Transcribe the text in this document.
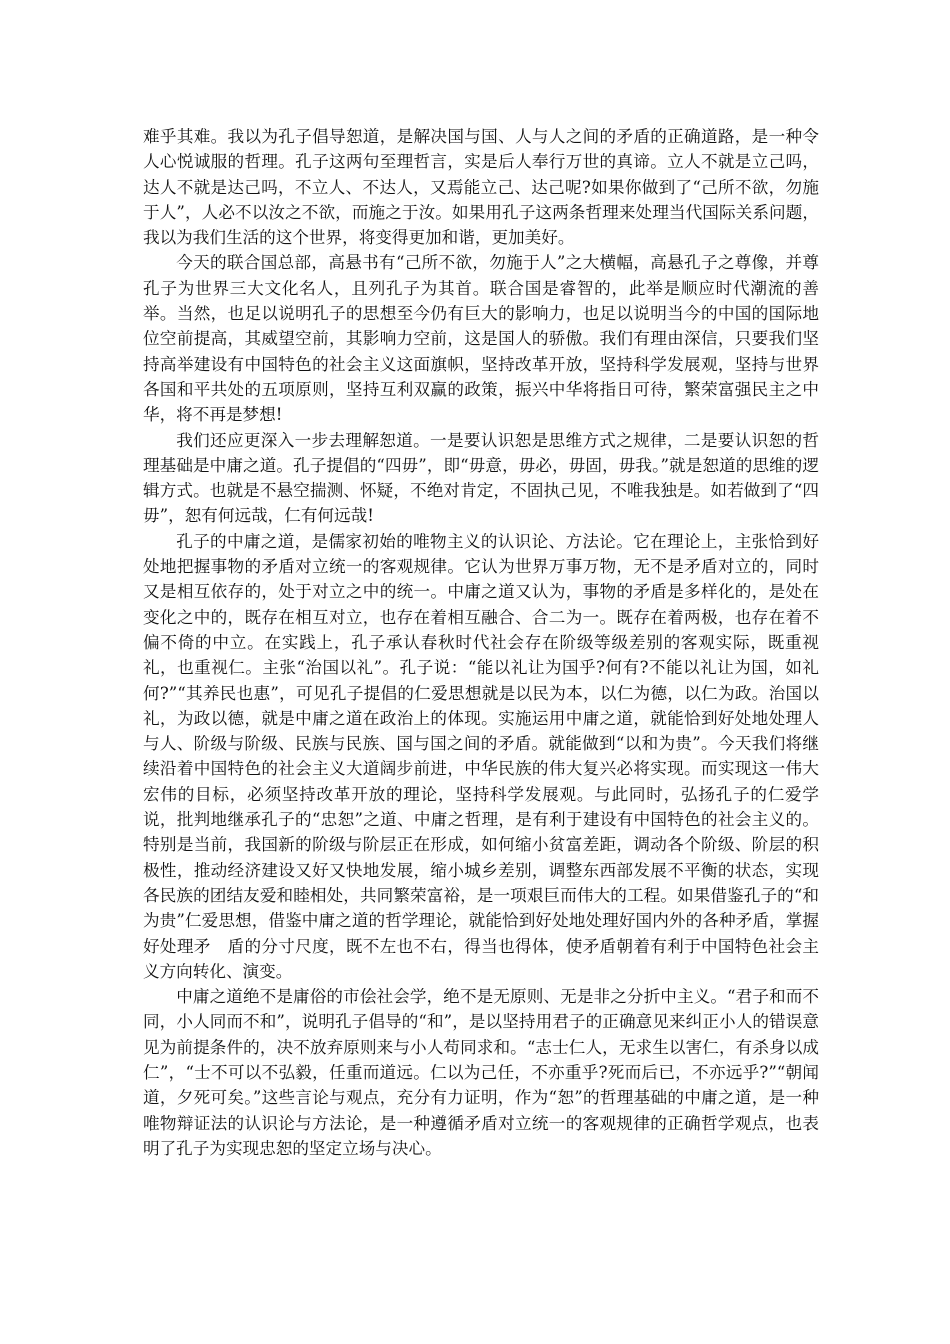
难乎其难。我以为孔子倡导恕道，是解决国与国、人与人之间的矛盾的正确道路，是一种令人心悦诚服的哲理。孔子这两句至理哲言，实是后人奉行万世的真谛。立人不就是立己吗，达人不就是达己吗，不立人、不达人，又焉能立己、达己呢?如果你做到了“己所不欲，勿施于人”，人必不以汝之不欲，而施之于汝。如果用孔子这两条哲理来处理当代国际关系问题，我以为我们生活的这个世界，将变得更加和谐，更加美好。

今天的联合国总部，高悬书有“己所不欲，勿施于人”之大横幅，高悬孔子之尊像，并尊孔子为世界三大文化名人，且列孔子为其首。联合国是睿智的，此举是顺应时代潮流的善举。当然，也足以说明孔子的思想至今仍有巨大的影响力，也足以说明当今的中国的国际地位空前提高，其威望空前，其影响力空前，这是国人的骄傲。我们有理由深信，只要我们坚持高举建设有中国特色的社会主义这面旗帜，坚持改革开放，坚持科学发展观，坚持与世界各国和平共处的五项原则，坚持互利双赢的政策，振兴中华将指日可待，繁荣富强民主之中华，将不再是梦想!

我们还应更深入一步去理解恕道。一是要认识恕是思维方式之规律，二是要认识恕的哲理基础是中庸之道。孔子提倡的“四毋”，即“毋意，毋必，毋固，毋我。”就是恕道的思维的逻辑方式。也就是不悬空揣测、怀疑，不绝对肯定，不固执己见，不唯我独是。如若做到了“四毋”，恕有何远哉，仁有何远哉!

孔子的中庸之道，是儒家初始的唯物主义的认识论、方法论。它在理论上，主张恰到好处地把握事物的矛盾对立统一的客观规律。它认为世界万事万物，无不是矛盾对立的，同时又是相互依存的，处于对立之中的统一。中庸之道又认为，事物的矛盾是多样化的，是处在变化之中的，既存在相互对立，也存在着相互融合、合二为一。既存在着两极，也存在着不偏不倚的中立。在实践上，孔子承认春秋时代社会存在阶级等级差别的客观实际，既重视礼，也重视仁。主张“治国以礼”。孔子说：“能以礼让为国乎?何有?不能以礼让为国，如礼何?”“其养民也惠”，可见孔子提倡的仁爱思想就是以民为本，以仁为德，以仁为政。治国以礼，为政以德，就是中庸之道在政治上的体现。实施运用中庸之道，就能恰到好处地处理人与人、阶级与阶级、民族与民族、国与国之间的矛盾。就能做到“以和为贵”。今天我们将继续沿着中国特色的社会主义大道阔步前进，中华民族的伟大复兴必将实现。而实现这一伟大宏伟的目标，必须坚持改革开放的理论，坚持科学发展观。与此同时，弘扬孔子的仁爱学说，批判地继承孔子的“忠恕”之道、中庸之哲理，是有利于建设有中国特色的社会主义的。特别是当前，我国新的阶级与阶层正在形成，如何缩小贫富差距，调动各个阶级、阶层的积极性，推动经济建设又好又快地发展，缩小城乡差别，调整东西部发展不平衡的状态，实现各民族的团结友爱和睦相处，共同繁荣富裕，是一项艰巨而伟大的工程。如果借鉴孔子的“和为贵”仁爱思想，借鉴中庸之道的哲学理论，就能恰到好处地处理好国内外的各种矛盾，掌握好处理矛　盾的分寸尺度，既不左也不右，得当也得体，使矛盾朝着有利于中国特色社会主义方向转化、演变。

中庸之道绝不是庸俗的市侩社会学，绝不是无原则、无是非之分折中主义。“君子和而不同，小人同而不和”，说明孔子倡导的“和”，是以坚持用君子的正确意见来纠正小人的错误意见为前提条件的，决不放弃原则来与小人苟同求和。“志士仁人，无求生以害仁，有杀身以成仁”，“士不可以不弘毅，任重而道远。仁以为己任，不亦重乎?死而后已，不亦远乎?”“朝闻道，夕死可矣。”这些言论与观点，充分有力证明，作为“恕”的哲理基础的中庸之道，是一种唯物辩证法的认识论与方法论，是一种遵循矛盾对立统一的客观规律的正确哲学观点，也表明了孔子为实现忠恕的坚定立场与决心。
